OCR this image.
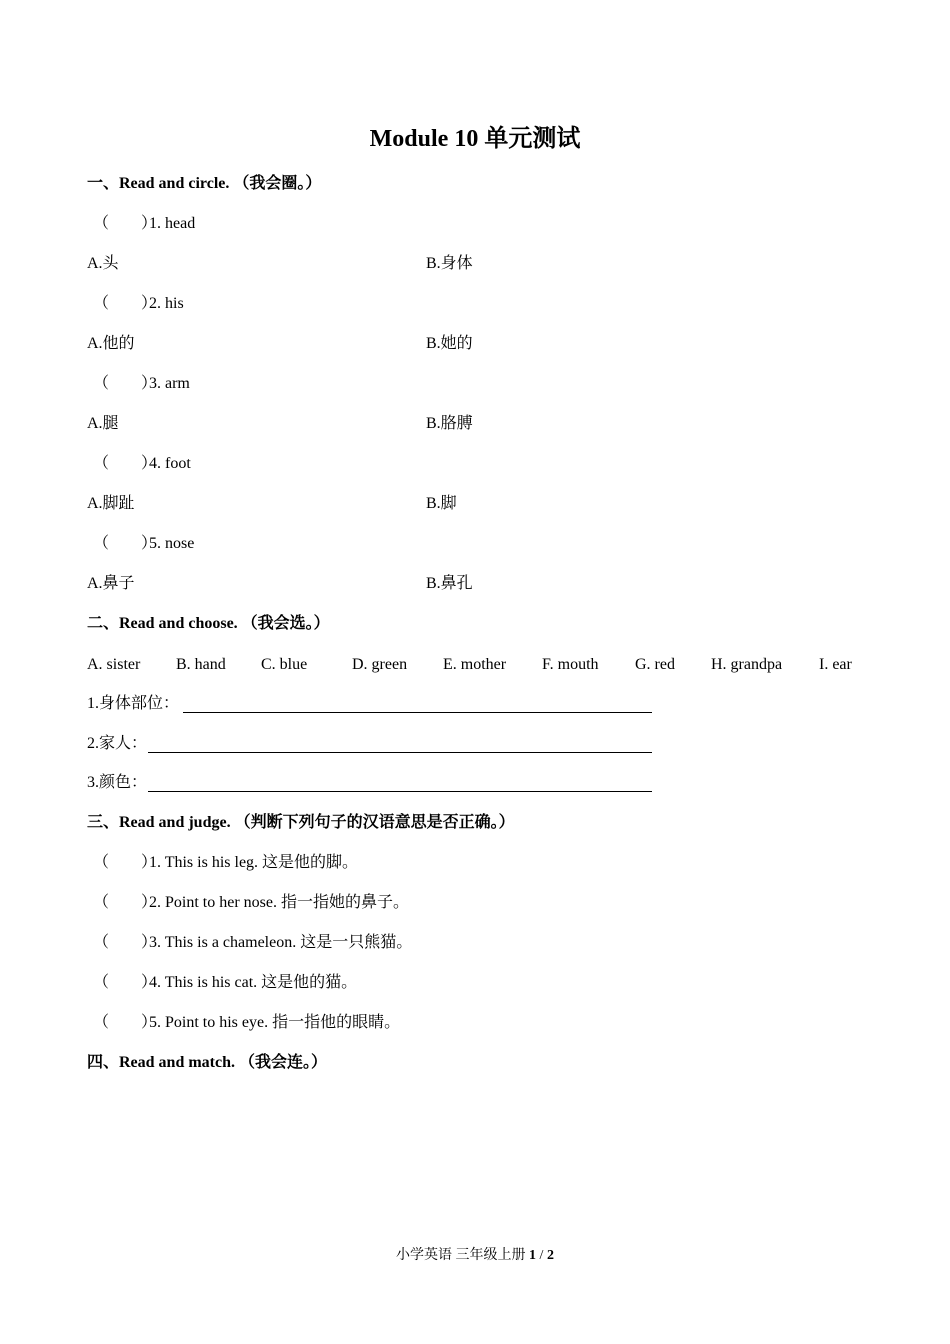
Module 10 单元测试
一、Read and circle. （我会圈。）
（　　）1. head
A.头	B.身体
（　　）2. his
A.他的	B.她的
（　　）3. arm
A.腿	B.胳膊
（　　）4. foot
A.脚趾	B.脚
（　　）5. nose
A.鼻子	B.鼻孔
二、Read and choose. （我会选。）
A. sister B. hand C. blue	D. green E. mother F. mouth G. red H. grandpa I. ear
1.身体部位：
2.家人：
3.颜色：
三、Read and judge. （判断下列句子的汉语意思是否正确。）
（　　）1. This is his leg. 这是他的脚。
（　　）2. Point to her nose. 指一指她的鼻子。
（　　）3. This is a chameleon. 这是一只熊猫。
（　　）4. This is his cat. 这是他的猫。
（　　）5. Point to his eye. 指一指他的眼睛。
四、Read and match. （我会连。）
小学英语 三年级上册 1 / 2
